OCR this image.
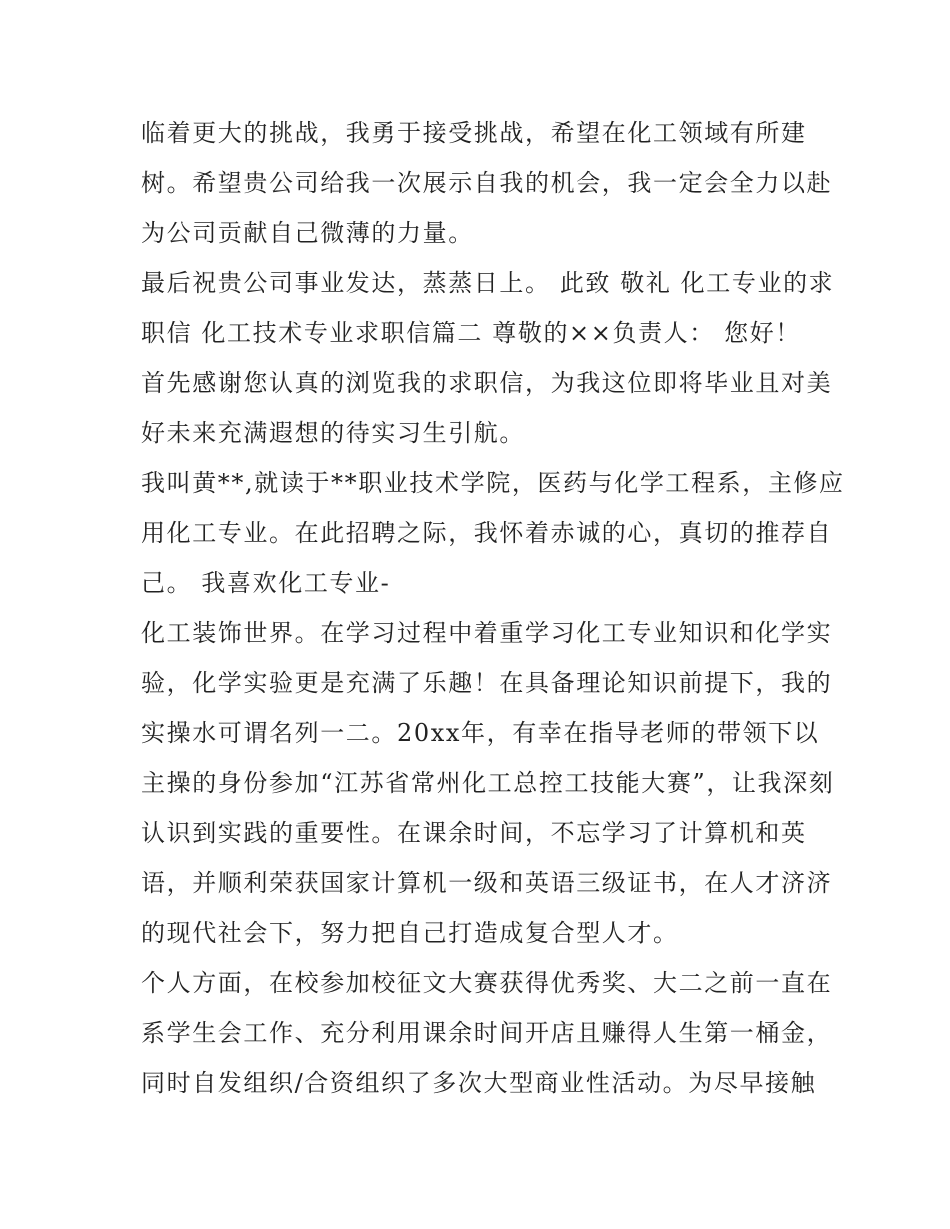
临着更大的挑战，我勇于接受挑战，希望在化工领域有所建
树。希望贵公司给我一次展示自我的机会，我一定会全力以赴
为公司贡献自己微薄的力量。
最后祝贵公司事业发达，蒸蒸日上。 此致 敬礼 化工专业的求
职信 化工技术专业求职信篇二 尊敬的××负责人： 您好！
首先感谢您认真的浏览我的求职信，为我这位即将毕业且对美
好未来充满遐想的待实习生引航。
我叫黄**,就读于**职业技术学院，医药与化学工程系，主修应
用化工专业。在此招聘之际，我怀着赤诚的心，真切的推荐自
己。 我喜欢化工专业-
化工装饰世界。在学习过程中着重学习化工专业知识和化学实
验，化学实验更是充满了乐趣！在具备理论知识前提下，我的
实操水可谓名列一二。20xx年，有幸在指导老师的带领下以
主操的身份参加“江苏省常州化工总控工技能大赛”，让我深刻
认识到实践的重要性。在课余时间，不忘学习了计算机和英
语，并顺利荣获国家计算机一级和英语三级证书，在人才济济
的现代社会下，努力把自己打造成复合型人才。
个人方面，在校参加校征文大赛获得优秀奖、大二之前一直在
系学生会工作、充分利用课余时间开店且赚得人生第一桶金，
同时自发组织/合资组织了多次大型商业性活动。为尽早接触
